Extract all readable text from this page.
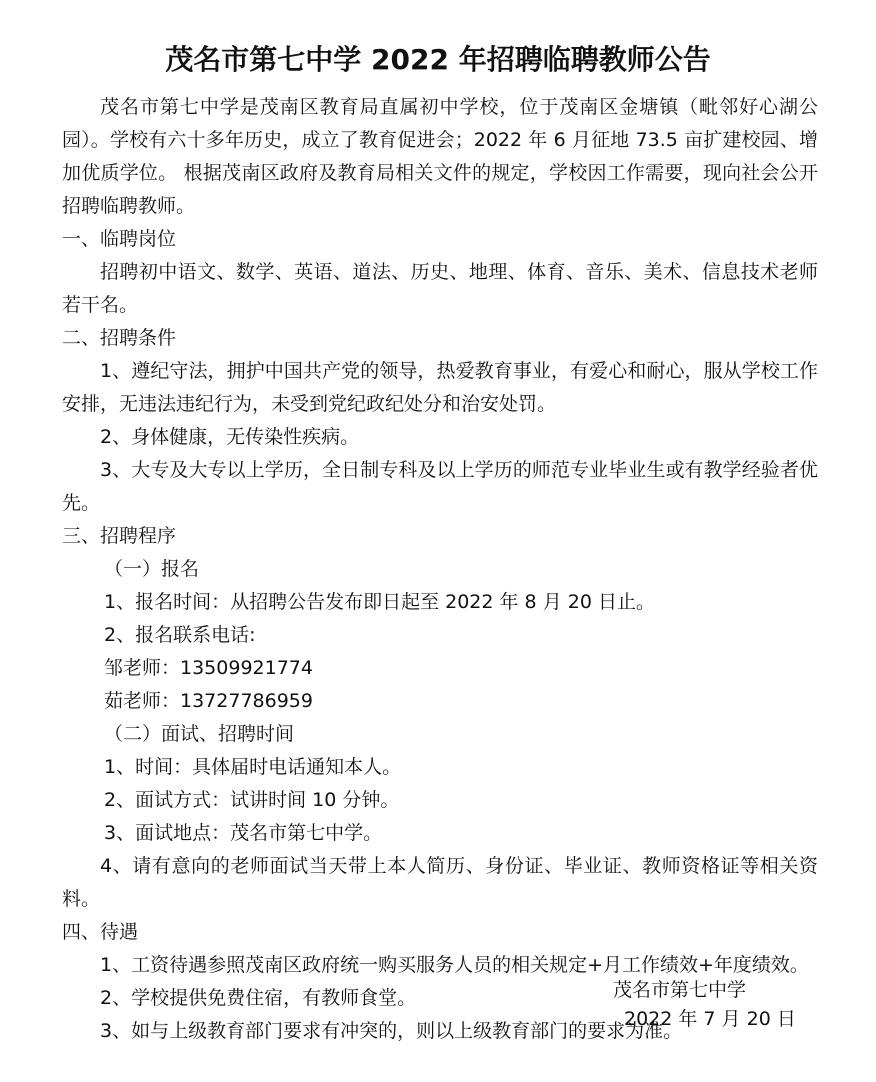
茂名市第七中学 2022 年招聘临聘教师公告

茂名市第七中学是茂南区教育局直属初中学校，位于茂南区金塘镇（毗邻好心湖公园）。学校有六十多年历史，成立了教育促进会；2022 年 6 月征地 73.5 亩扩建校园、增加优质学位。 根据茂南区政府及教育局相关文件的规定，学校因工作需要，现向社会公开招聘临聘教师。

一、临聘岗位

招聘初中语文、数学、英语、道法、历史、地理、体育、音乐、美术、信息技术老师若干名。

二、招聘条件

1、遵纪守法，拥护中国共产党的领导，热爱教育事业，有爱心和耐心，服从学校工作安排，无违法违纪行为，未受到党纪政纪处分和治安处罚。

2、身体健康，无传染性疾病。

3、大专及大专以上学历，全日制专科及以上学历的师范专业毕业生或有教学经验者优先。

三、招聘程序

（一）报名

1、报名时间：从招聘公告发布即日起至 2022 年 8 月 20 日止。

2、报名联系电话:

邹老师：13509921774

茹老师：13727786959

（二）面试、招聘时间

1、时间：具体届时电话通知本人。

2、面试方式：试讲时间 10 分钟。

3、面试地点：茂名市第七中学。

4、请有意向的老师面试当天带上本人简历、身份证、毕业证、教师资格证等相关资料。

四、待遇

1、工资待遇参照茂南区政府统一购买服务人员的相关规定+月工作绩效+年度绩效。

2、学校提供免费住宿，有教师食堂。

3、如与上级教育部门要求有冲突的，则以上级教育部门的要求为准。

茂名市第七中学
2022 年 7 月 20 日
